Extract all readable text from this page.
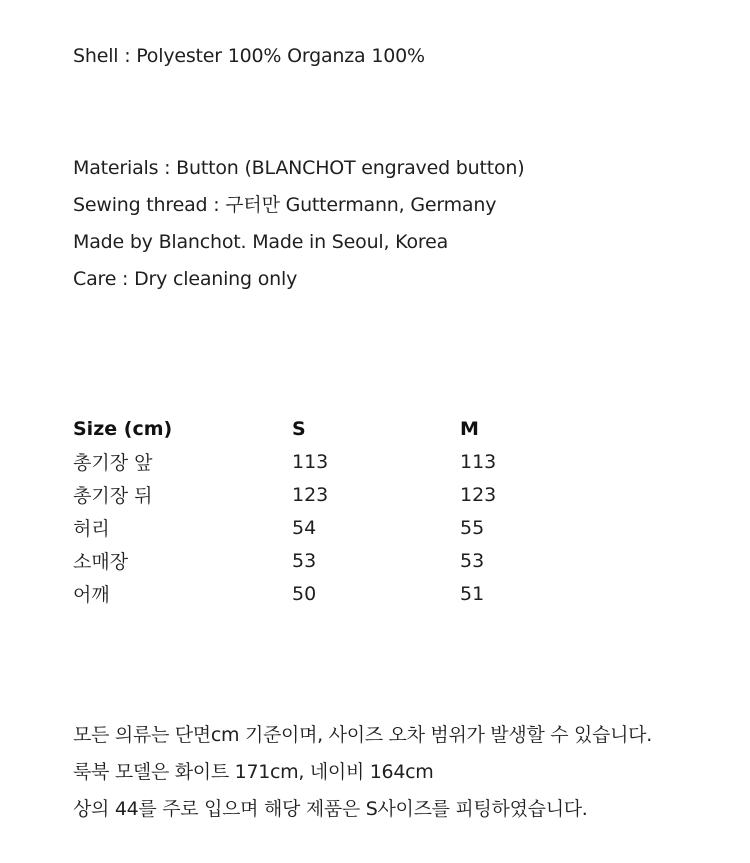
Shell : Polyester 100% Organza 100%
Materials : Button (BLANCHOT engraved button)
Sewing thread : 구터만 Guttermann, Germany
Made by Blanchot. Made in Seoul, Korea
Care : Dry cleaning only
Size (cm)	S	M
총기장 앞	113	113
총기장 뒤	123	123
허리	54	55
소매장	53	53
어깨	50	51
모든 의류는 단면cm 기준이며, 사이즈 오차 범위가 발생할 수 있습니다.
룩북 모델은 화이트 171cm, 네이비 164cm
상의 44를 주로 입으며 해당 제품은 S사이즈를 피팅하였습니다.
